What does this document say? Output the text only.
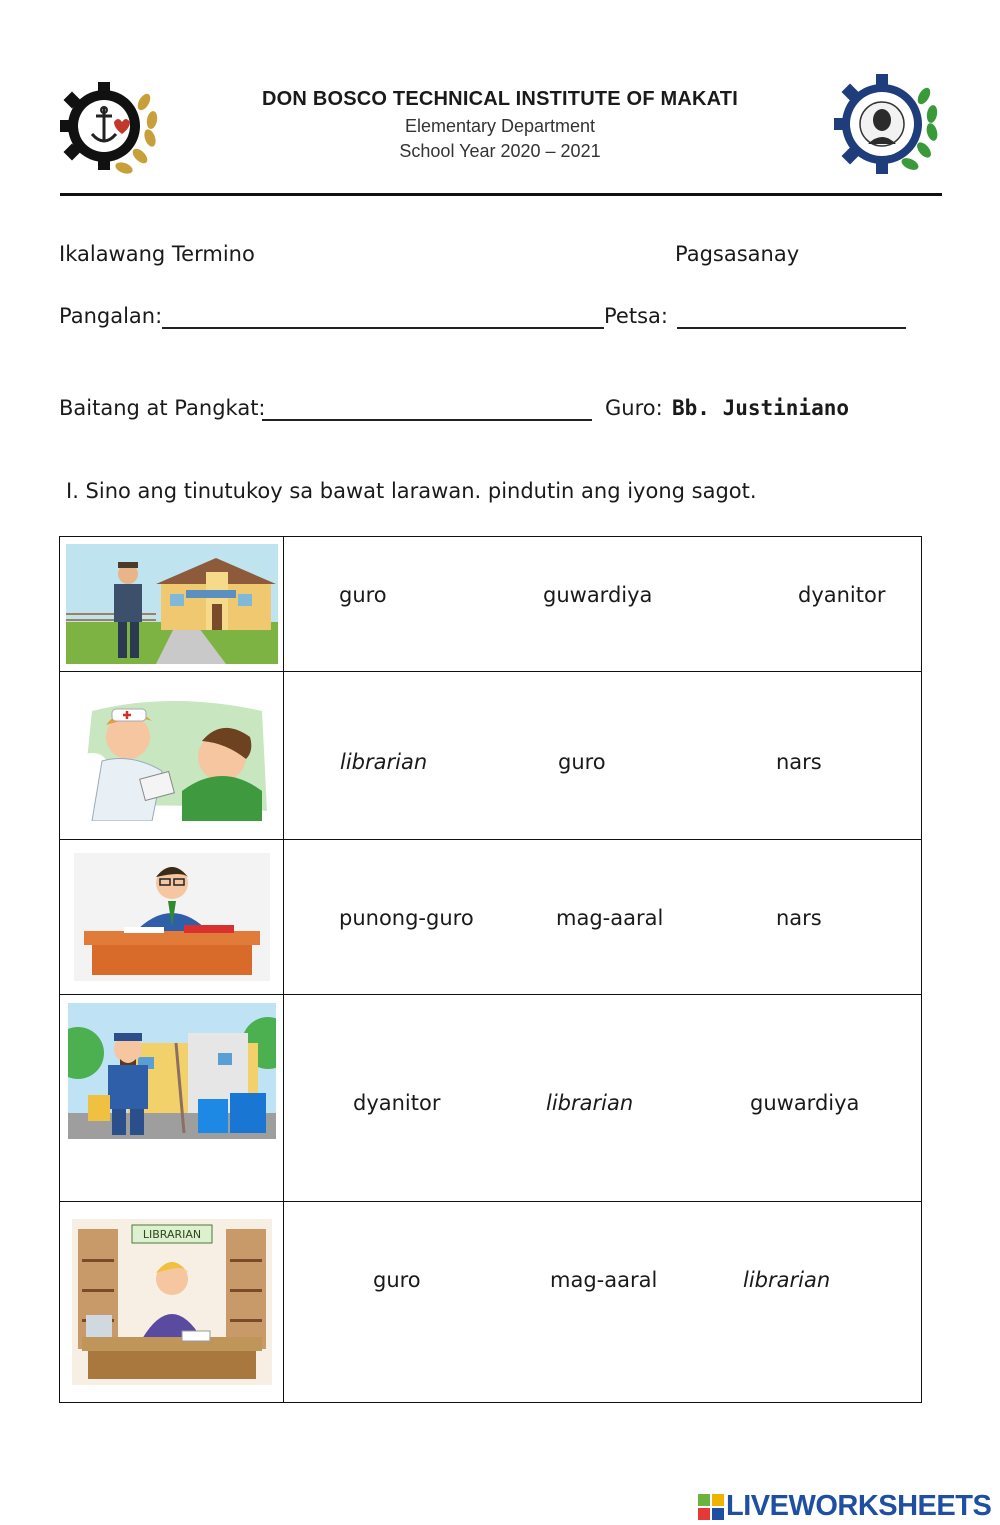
DON BOSCO TECHNICAL INSTITUTE OF MAKATI
Elementary Department
School Year 2020 – 2021
Ikalawang Termino	Pagsasanay
Pangalan:	Petsa:
Baitang at Pangkat:	Guro: Bb. Justiniano
I. Sino ang tinutukoy sa bawat larawan. pindutin ang iyong sagot.

guro guwardiya dyanitor

librarian guro nars

punong-guro mag-aaral nars

dyanitor librarian guwardiya

LIBRARIAN	guro mag-aaral librarian
LIVEWORKSHEETS
